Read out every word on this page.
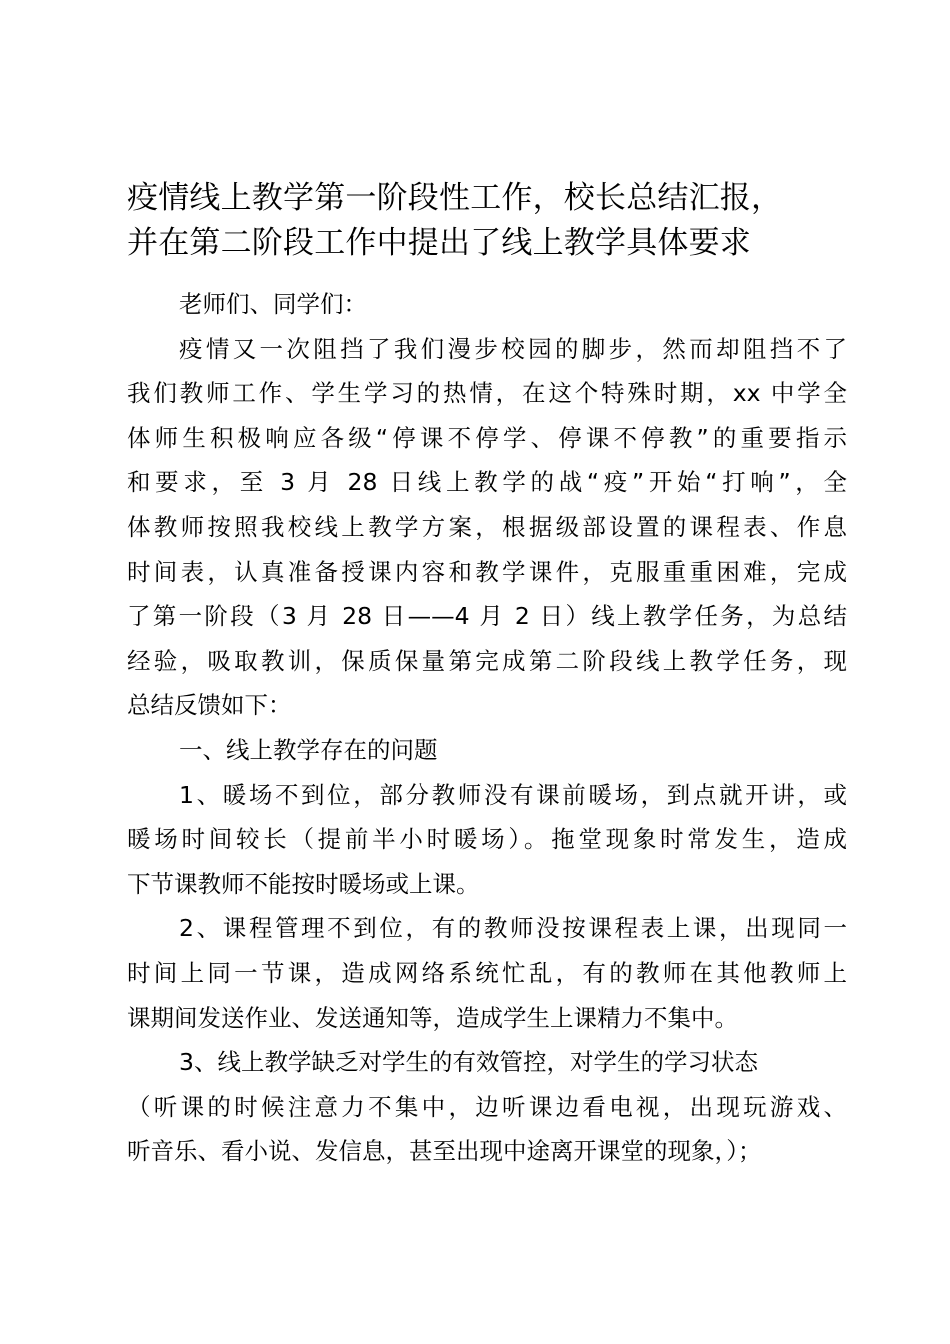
疫情线上教学第一阶段性工作，校长总结汇报，
并在第二阶段工作中提出了线上教学具体要求
老师们、同学们：
疫情又一次阻挡了我们漫步校园的脚步，然而却阻挡不了
我们教师工作、学生学习的热情，在这个特殊时期，xx 中学全
体师生积极响应各级“停课不停学、停课不停教”的重要指示
和要求，至 3 月 28 日线上教学的战“疫”开始“打响”，全
体教师按照我校线上教学方案，根据级部设置的课程表、作息
时间表，认真准备授课内容和教学课件，克服重重困难，完成
了第一阶段（3 月 28 日——4 月 2 日）线上教学任务，为总结
经验，吸取教训，保质保量第完成第二阶段线上教学任务，现
总结反馈如下：
一、线上教学存在的问题
1、暖场不到位，部分教师没有课前暖场，到点就开讲，或
暖场时间较长（提前半小时暖场）。拖堂现象时常发生，造成
下节课教师不能按时暖场或上课。
2、课程管理不到位，有的教师没按课程表上课，出现同一
时间上同一节课，造成网络系统忙乱，有的教师在其他教师上
课期间发送作业、发送通知等，造成学生上课精力不集中。
3、线上教学缺乏对学生的有效管控，对学生的学习状态
（听课的时候注意力不集中，边听课边看电视，出现玩游戏、
听音乐、看小说、发信息，甚至出现中途离开课堂的现象，）；
